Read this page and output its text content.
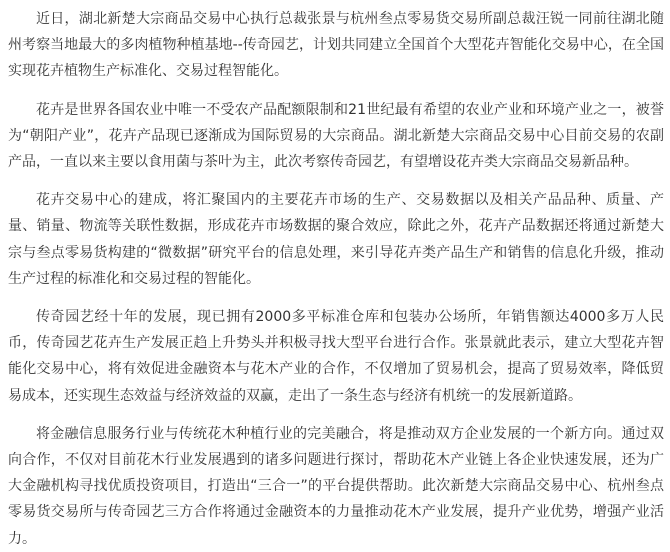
近日，湖北新楚大宗商品交易中心执行总裁张景与杭州叁点零易货交易所副总裁汪锐一同前往湖北随州考察当地最大的多肉植物种植基地--传奇园艺，计划共同建立全国首个大型花卉智能化交易中心，在全国实现花卉植物生产标准化、交易过程智能化。

花卉是世界各国农业中唯一不受农产品配额限制和21世纪最有希望的农业产业和环境产业之一，被誉为“朝阳产业”，花卉产品现已逐渐成为国际贸易的大宗商品。湖北新楚大宗商品交易中心目前交易的农副产品，一直以来主要以食用菌与茶叶为主，此次考察传奇园艺，有望增设花卉类大宗商品交易新品种。

花卉交易中心的建成，将汇聚国内的主要花卉市场的生产、交易数据以及相关产品品种、质量、产量、销量、物流等关联性数据，形成花卉市场数据的聚合效应，除此之外，花卉产品数据还将通过新楚大宗与叁点零易货构建的“微数据”研究平台的信息处理，来引导花卉类产品生产和销售的信息化升级，推动生产过程的标准化和交易过程的智能化。

传奇园艺经十年的发展，现已拥有2000多平标准仓库和包装办公场所，年销售额达4000多万人民币，传奇园艺花卉生产发展正趋上升势头并积极寻找大型平台进行合作。张景就此表示，建立大型花卉智能化交易中心，将有效促进金融资本与花木产业的合作，不仅增加了贸易机会，提高了贸易效率，降低贸易成本，还实现生态效益与经济效益的双赢，走出了一条生态与经济有机统一的发展新道路。

将金融信息服务行业与传统花木种植行业的完美融合，将是推动双方企业发展的一个新方向。通过双向合作，不仅对目前花木行业发展遇到的诸多问题进行探讨，帮助花木产业链上各企业快速发展，还为广大金融机构寻找优质投资项目，打造出“三合一”的平台提供帮助。此次新楚大宗商品交易中心、杭州叁点零易货交易所与传奇园艺三方合作将通过金融资本的力量推动花木产业发展，提升产业优势，增强产业活力。
